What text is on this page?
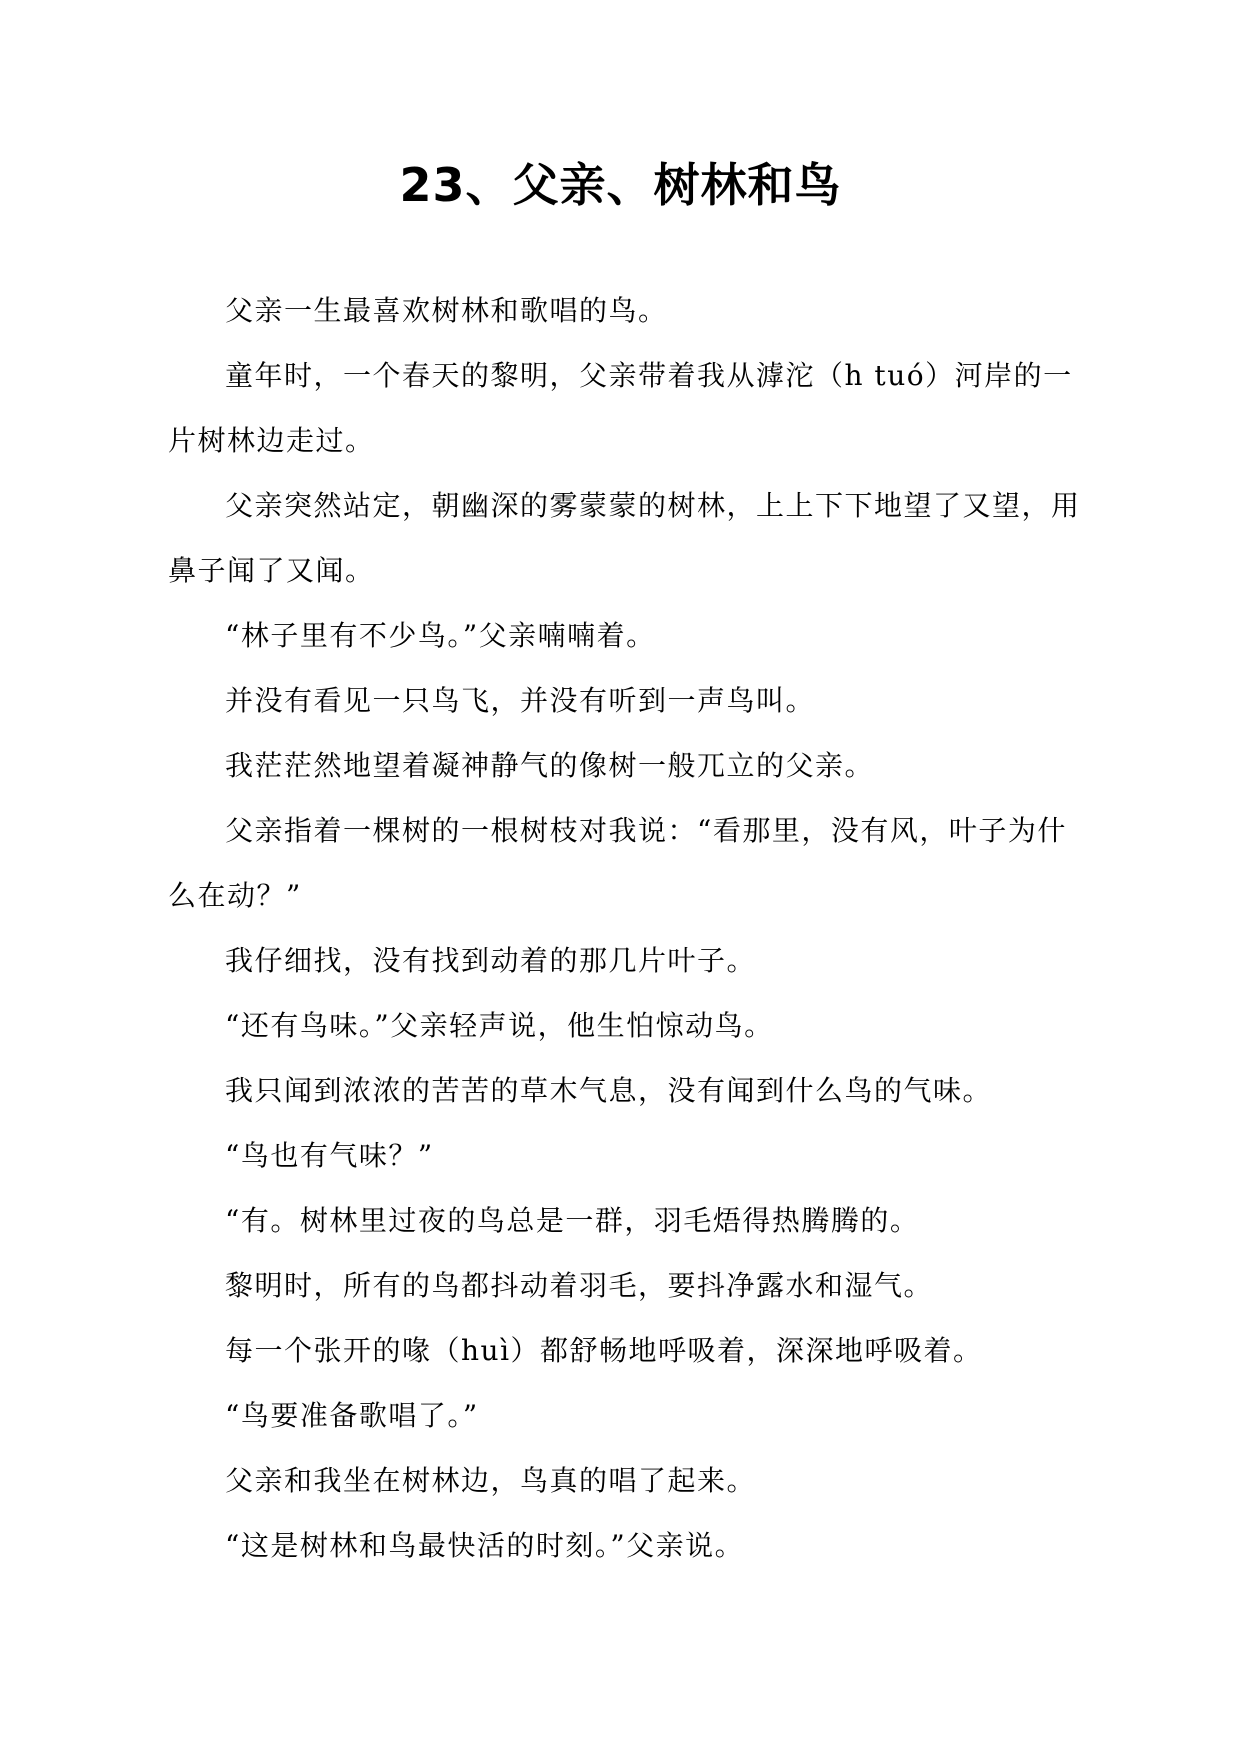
23、父亲、树林和鸟

父亲一生最喜欢树林和歌唱的鸟。

童年时，一个春天的黎明，父亲带着我从滹沱（h tuó）河岸的一片树林边走过。

父亲突然站定，朝幽深的雾蒙蒙的树林，上上下下地望了又望，用鼻子闻了又闻。

“林子里有不少鸟。”父亲喃喃着。

并没有看见一只鸟飞，并没有听到一声鸟叫。

我茫茫然地望着凝神静气的像树一般兀立的父亲。

父亲指着一棵树的一根树枝对我说：“看那里，没有风，叶子为什么在动？”

我仔细找，没有找到动着的那几片叶子。

“还有鸟味。”父亲轻声说，他生怕惊动鸟。

我只闻到浓浓的苦苦的草木气息，没有闻到什么鸟的气味。

“鸟也有气味？”

“有。树林里过夜的鸟总是一群，羽毛焐得热腾腾的。

黎明时，所有的鸟都抖动着羽毛，要抖净露水和湿气。

每一个张开的喙（huì）都舒畅地呼吸着，深深地呼吸着。

“鸟要准备歌唱了。”

父亲和我坐在树林边，鸟真的唱了起来。

“这是树林和鸟最快活的时刻。”父亲说。
